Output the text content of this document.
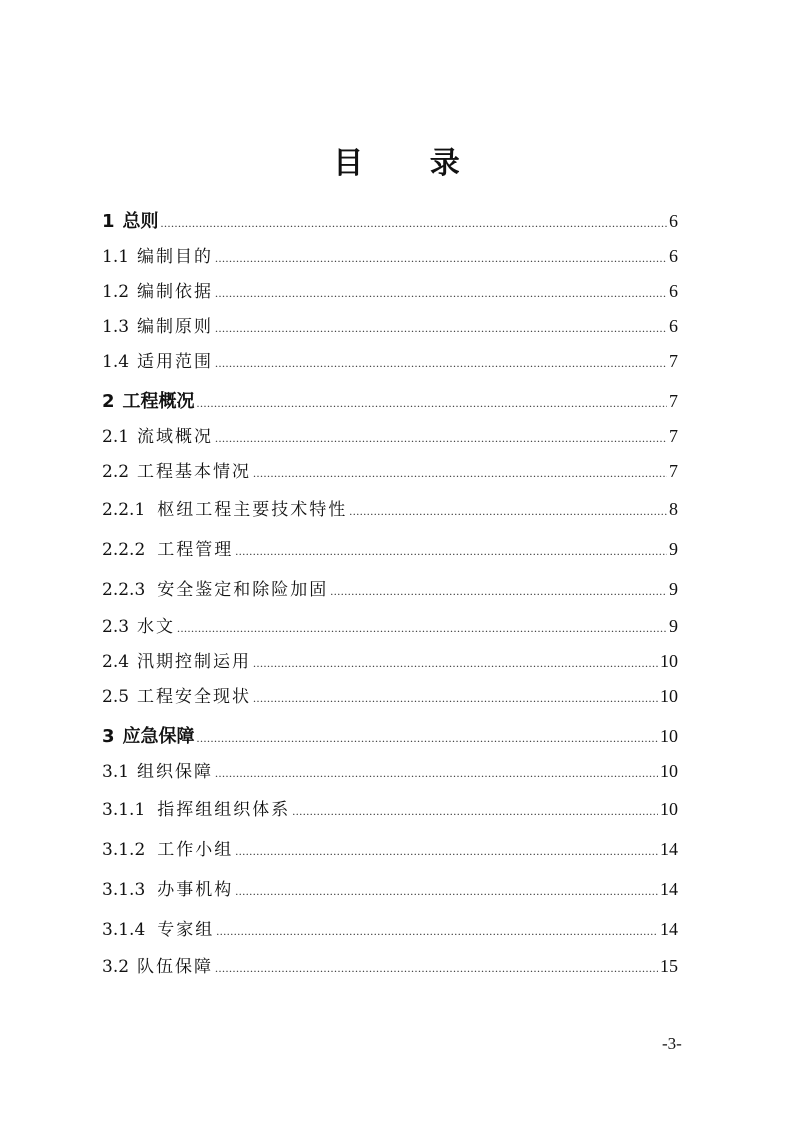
目 录
1 总则 .....	6
1.1 编制目的 .....	6
1.2 编制依据 .....	6
1.3 编制原则 .....	6
1.4 适用范围 .....	7
2 工程概况 .....	7
2.1 流域概况 .....	7
2.2 工程基本情况 .....	7
2.2.1 枢纽工程主要技术特性 .....	8
2.2.2 工程管理 .....	9
2.2.3 安全鉴定和除险加固 .....	9
2.3 水文 .....	9
2.4 汛期控制运用 .....	10
2.5 工程安全现状 .....	10
3 应急保障 .....	10
3.1 组织保障 .....	10
3.1.1 指挥组组织体系 .....	10
3.1.2 工作小组 .....	14
3.1.3 办事机构 .....	14
3.1.4 专家组 .....	14
3.2 队伍保障 .....	15
-3-
